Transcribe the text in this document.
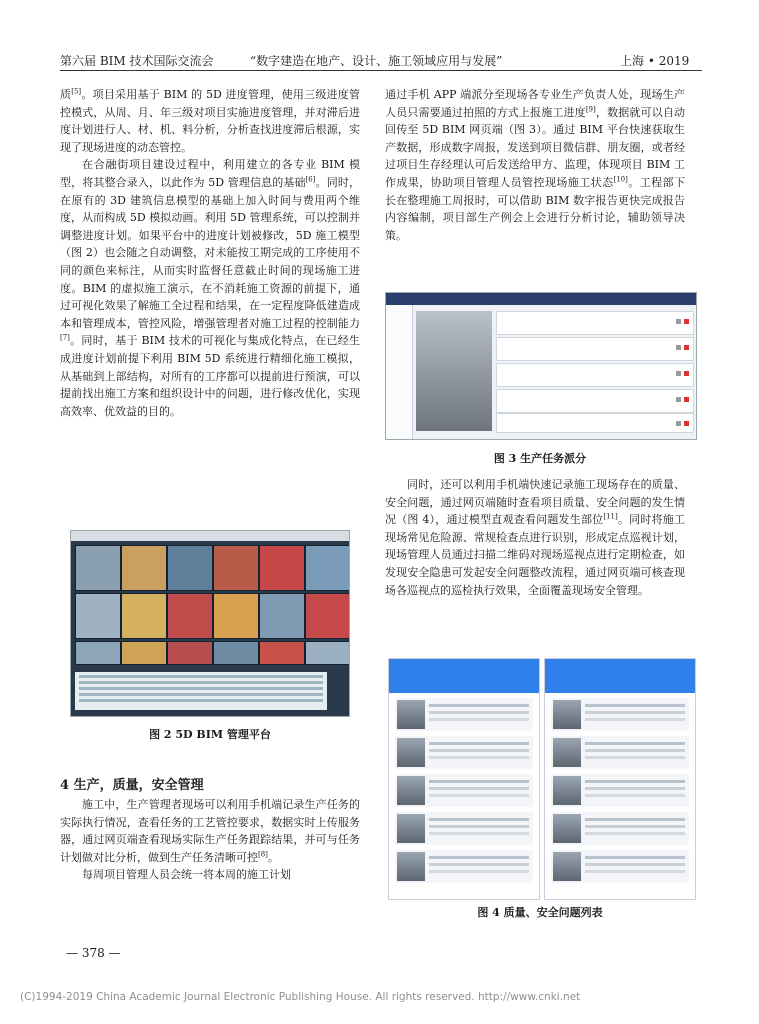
第六届 BIM 技术国际交流会	“数字建造在地产、设计、施工领域应用与发展”	上海 • 2019

质[5]。项目采用基于 BIM 的 5D 进度管理，使用三级进度管控模式，从周、月、年三级对项目实施进度管理，并对滞后进度计划进行人、材、机、料分析，分析查找进度滞后根源，实现了现场进度的动态管控。

在合融街项目建设过程中，利用建立的各专业 BIM 模型，将其整合录入，以此作为 5D 管理信息的基础[6]。同时，在原有的 3D 建筑信息模型的基础上加入时间与费用两个维度，从而构成 5D 模拟动画。利用 5D 管理系统，可以控制并调整进度计划。如果平台中的进度计划被修改，5D 施工模型（图 2）也会随之自动调整，对未能按工期完成的工序使用不同的颜色来标注，从而实时监督任意截止时间的现场施工进度。BIM 的虚拟施工演示，在不消耗施工资源的前提下，通过可视化效果了解施工全过程和结果，在一定程度降低建造成本和管理成本，管控风险，增强管理者对施工过程的控制能力[7]。同时，基于 BIM 技术的可视化与集成化特点，在已经生成进度计划前提下利用 BIM 5D 系统进行精细化施工模拟，从基础到上部结构，对所有的工序都可以提前进行预演，可以提前找出施工方案和组织设计中的问题，进行修改优化，实现高效率、优效益的目的。

图 2 5D BIM 管理平台
4 生产，质量，安全管理

施工中，生产管理者现场可以利用手机端记录生产任务的实际执行情况，查看任务的工艺管控要求，数据实时上传服务器，通过网页端查看现场实际生产任务跟踪结果，并可与任务计划做对比分析，做到生产任务清晰可控[8]。

每周项目管理人员会统一将本周的施工计划

— 378 —

通过手机 APP 端派分至现场各专业生产负责人处，现场生产人员只需要通过拍照的方式上报施工进度[9]，数据就可以自动回传至 5D BIM 网页端（图 3）。通过 BIM 平台快速获取生产数据，形成数字周报，发送到项目微信群、朋友圈，或者经过项目生存经理认可后发送给甲方、监理，体现项目 BIM 工作成果，协助项目管理人员管控现场施工状态[10]。工程部下长在整理施工周报时，可以借助 BIM 数字报告更快完成报告内容编制，项目部生产例会上会进行分析讨论，辅助领导决策。

图 3 生产任务派分

同时，还可以利用手机端快速记录施工现场存在的质量、安全问题，通过网页端随时查看项目质量、安全问题的发生情况（图 4），通过模型直观查看问题发生部位[11]。同时将施工现场常见危险源、常规检查点进行识别，形成定点巡视计划，现场管理人员通过扫描二维码对现场巡视点进行定期检查，如发现安全隐患可发起安全问题整改流程，通过网页端可核查现场各巡视点的巡检执行效果，全面覆盖现场安全管理。

图 4 质量、安全问题列表
(C)1994-2019 China Academic Journal Electronic Publishing House. All rights reserved. http://www.cnki.net
